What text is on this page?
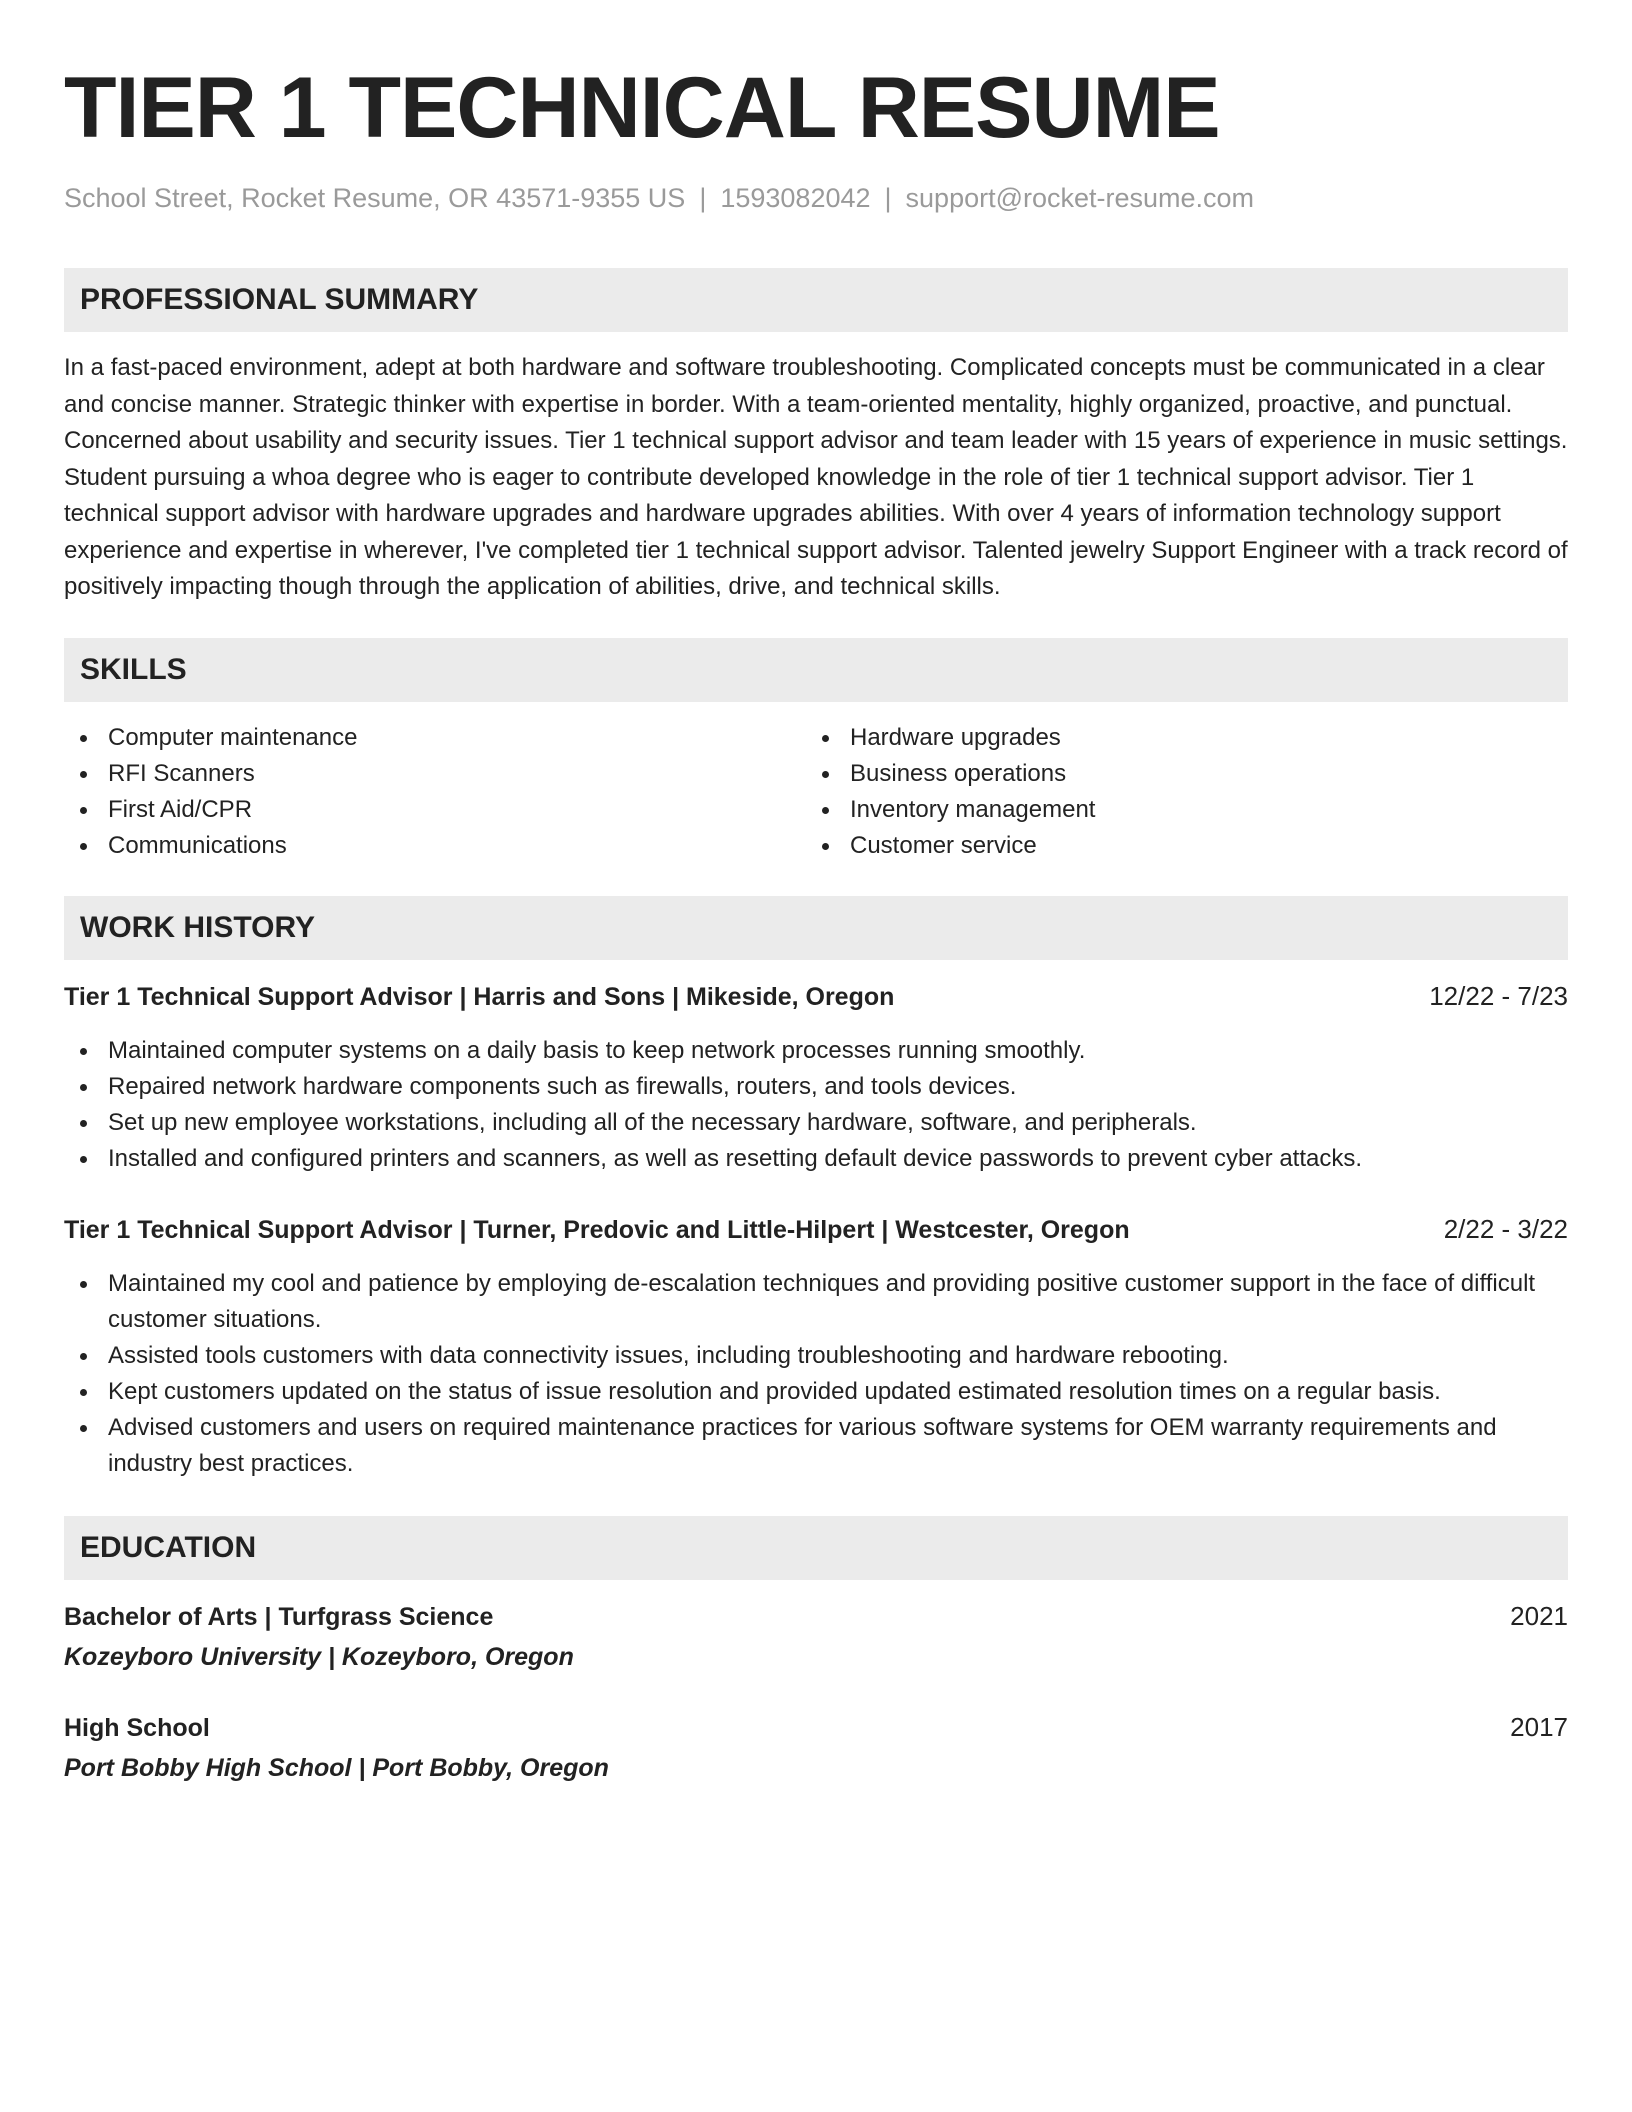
TIER 1 TECHNICAL RESUME
School Street, Rocket Resume, OR 43571-9355 US | 1593082042 | support@rocket-resume.com
PROFESSIONAL SUMMARY

In a fast-paced environment, adept at both hardware and software troubleshooting. Complicated concepts must be communicated in a clear and concise manner. Strategic thinker with expertise in border. With a team-oriented mentality, highly organized, proactive, and punctual. Concerned about usability and security issues. Tier 1 technical support advisor and team leader with 15 years of experience in music settings. Student pursuing a whoa degree who is eager to contribute developed knowledge in the role of tier 1 technical support advisor. Tier 1 technical support advisor with hardware upgrades and hardware upgrades abilities. With over 4 years of information technology support experience and expertise in wherever, I've completed tier 1 technical support advisor. Talented jewelry Support Engineer with a track record of positively impacting though through the application of abilities, drive, and technical skills.

SKILLS
Computer maintenance
RFI Scanners
First Aid/CPR
Communications
Hardware upgrades
Business operations
Inventory management
Customer service
WORK HISTORY
Tier 1 Technical Support Advisor | Harris and Sons | Mikeside, Oregon	12/22 - 7/23
Maintained computer systems on a daily basis to keep network processes running smoothly.
Repaired network hardware components such as firewalls, routers, and tools devices.
Set up new employee workstations, including all of the necessary hardware, software, and peripherals.
Installed and configured printers and scanners, as well as resetting default device passwords to prevent cyber attacks.
Tier 1 Technical Support Advisor | Turner, Predovic and Little-Hilpert | Westcester, Oregon	2/22 - 3/22
Maintained my cool and patience by employing de-escalation techniques and providing positive customer support in the face of difficult customer situations.
Assisted tools customers with data connectivity issues, including troubleshooting and hardware rebooting.
Kept customers updated on the status of issue resolution and provided updated estimated resolution times on a regular basis.
Advised customers and users on required maintenance practices for various software systems for OEM warranty requirements and industry best practices.
EDUCATION
Bachelor of Arts | Turfgrass Science	2021
Kozeyboro University | Kozeyboro, Oregon
High School	2017
Port Bobby High School | Port Bobby, Oregon
